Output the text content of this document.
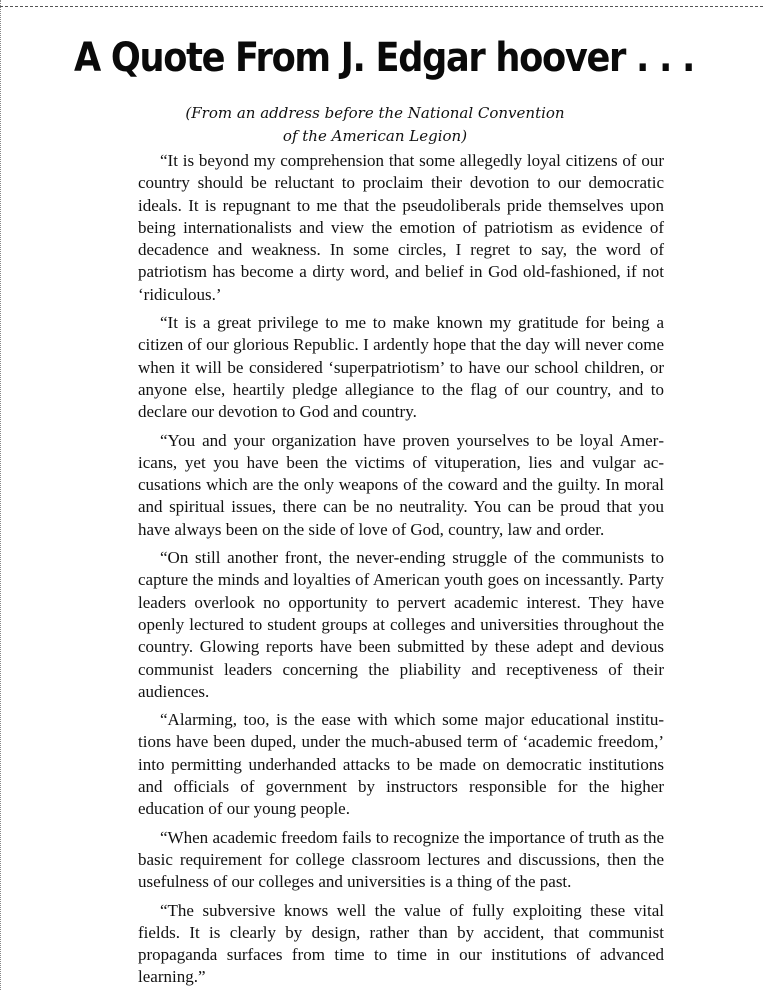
A Quote From J. Edgar hoover . . .
(From an address before the National Convention
of the American Legion)

“It is beyond my comprehension that some allegedly loyal citizens of our country should be reluctant to proclaim their devotion to our democratic ideals. It is repugnant to me that the pseudoliberals pride themselves upon being internationalists and view the emotion of patriotism as evidence of decadence and weakness. In some circles, I regret to say, the word of patriotism has become a dirty word, and belief in God old-fashioned, if not ‘ridiculous.’

“It is a great privilege to me to make known my gratitude for being a citizen of our glorious Republic. I ardently hope that the day will never come when it will be considered ‘superpatriotism’ to have our school children, or anyone else, heartily pledge allegiance to the flag of our country, and to declare our devotion to God and country.

“You and your organization have proven yourselves to be loyal Americans, yet you have been the victims of vituperation, lies and vulgar accusations which are the only weapons of the coward and the guilty. In moral and spiritual issues, there can be no neutrality. You can be proud that you have always been on the side of love of God, country, law and order.

“On still another front, the never-ending struggle of the communists to capture the minds and loyalties of American youth goes on incessantly. Party leaders overlook no opportunity to pervert academic interest. They have openly lectured to student groups at colleges and universities throughout the country. Glowing reports have been submitted by these adept and devious communist leaders concerning the pliability and receptiveness of their audiences.

“Alarming, too, is the ease with which some major educational institutions have been duped, under the much-abused term of ‘academic freedom,’ into permitting underhanded attacks to be made on democratic institutions and officials of government by instructors responsible for the higher education of our young people.

“When academic freedom fails to recognize the importance of truth as the basic requirement for college classroom lectures and discussions, then the usefulness of our colleges and universities is a thing of the past.

“The subversive knows well the value of fully exploiting these vital fields. It is clearly by design, rather than by accident, that communist propaganda surfaces from time to time in our institutions of advanced learning.”
